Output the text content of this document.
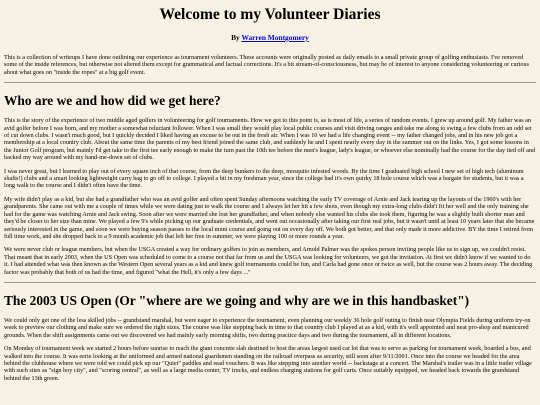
Welcome to my Volunteer Diaries
By Warren Montgomery

This is a collection of writeups I have done outlining our experience as tournament volunteers. These accounts were originally posted as daily emails to a small private group of golfing enthusiasts. I've removed some of the inside references, but otherwise not altered them except for grammatical and factual corrections. It's a bit stream-of-consciousness, but may be of interest to anyone considering volunteering or curious about what goes on "inside the ropes" at a big golf event.

Who are we and how did we get here?

This is the story of the experience of two middle aged golfers in volunteering for golf tournaments. How we got to this point is, as is most of life, a series of random events. I grew up around golf. My father was an avid golfer before I was born, and my mother a somewhat reluctant follower. When I was small they would play local public courses and visit driving ranges and take me along to swing a few clubs from an odd set of cut down clubs. I wasn't much good, but I quickly decided I liked having an excuse to be out in the fresh air. When I was 10 we had a life changing event -- my father changed jobs, and in his new job got a membership at a local country club. About the same time the parents of my best friend joined the same club, and suddenly he and I spent nearly every day in the summer out on the links. Yes, I got some lessons in the Junior Golf program, but mainly I'd get take to the first tee early enough to make the turn past the 10th tee before the men's league, lady's league, or whoever else nominally had the course for the day tied off and backed my way around with my hand-me-down set of clubs.

I was never great, but I learned to play out of every square inch of that course, from the deep bunkers to the deep, mosquito infested woods. By the time I graduated high school I new set of high tech (aluminum shafts!) clubs and a smart looking lightweight carry bag to go off to college. I played a bit in my freshman year, since the college had it's own quirky 18 hole course which was a bargain for students, but it was a long walk to the course and I didn't often have the time.

My wife didn't play as a kid, but she had a grandfather who was an avid golfer and often spent Sunday afternoons watching the early TV coverage of Arnie and Jack tearing up the layouts of the 1960's with her grandparents. She came out with me a couple of times while we were dating just to walk the course and I always let her hit a few shots, even though my extra-long clubs didn't fit her well and the only training she had for the game was watching Arnie and Jack swing. Soon after we were married she lost her grandfather, and when nobody else wanted his clubs she took them, figuring he was a slightly built shorter man and they'd be closer to her size than mine. We played a few 9's while picking up our graduate credentials, and went out occasionally after taking our first real jobs, but it wasn't until at least 10 years later that she became seriously interested in the game, and soon we were buying season passes to the local muni course and going out on every day off. We both got better, and that only made it more addictive. BY the time I retired from full time work, and she dropped back to a 9 month academic job that left her free in summer, we were playing 100 or more rounds a year.

We were never club or league members, but when the USGA created a way for ordinary golfers to join as members, and Arnold Palmer was the spokes person inviting people like us to sign up, we couldn't resist. That meant that in early 2003, when the US Open was scheduled to come to a course not that far from us and the USGA was looking for volunteers, we got the invitation. At first we didn't know if we wanted to do it. I had attended what was then known as the Western Open several years as a kid and knew golf tournaments could be fun, and Carla had gone once or twice as well, but the course was 2 hours away. The deciding factor was probably that both of us had the time, and figured "what the Hell, it's only a few days ..."

The 2003 US Open (Or "where are we going and why are we in this handbasket")

We could only get one of the less skilled jobs -- grandstand marshal, but were eager to experience the tournament, even planning our weekly 36 hole golf outing to finish near Olympia Fields during uniform try-on week to preview our clothing and make sure we ordered the right sizes. The course was like stepping back in time to that country club I played at as a kid, with it's well appointed and neat pro-shop and manicured grounds. When the shift assignments came out we discovered we had mainly early morning shifts, two during practice days and two during the tournament, all in different locations.

On Monday of tournament week we started 2 hours before sunrise to reach the giant concrete slab destined to host the areas largest used car lot that was to serve as parking for tournament week, boarded a bus, and walked into the course. It was eerie looking at the uniformed and armed national guardsmen standing on the railroad overpass as security, still soon after 9/11/2001. Once into the course we headed for the area behind the clubhouse where we were told we could pick up our "Quiet" paddles and read vouchers. It was like stepping into another world -- backstage at a concert. The Marshal's trailer was in a little trailer village with such sites as "sign boy city", and "scoring central", as well as a large media center, TV trucks, and endless charging stations for golf carts. Once suitably equipped, we headed back towards the grandstand behind the 13th green.
